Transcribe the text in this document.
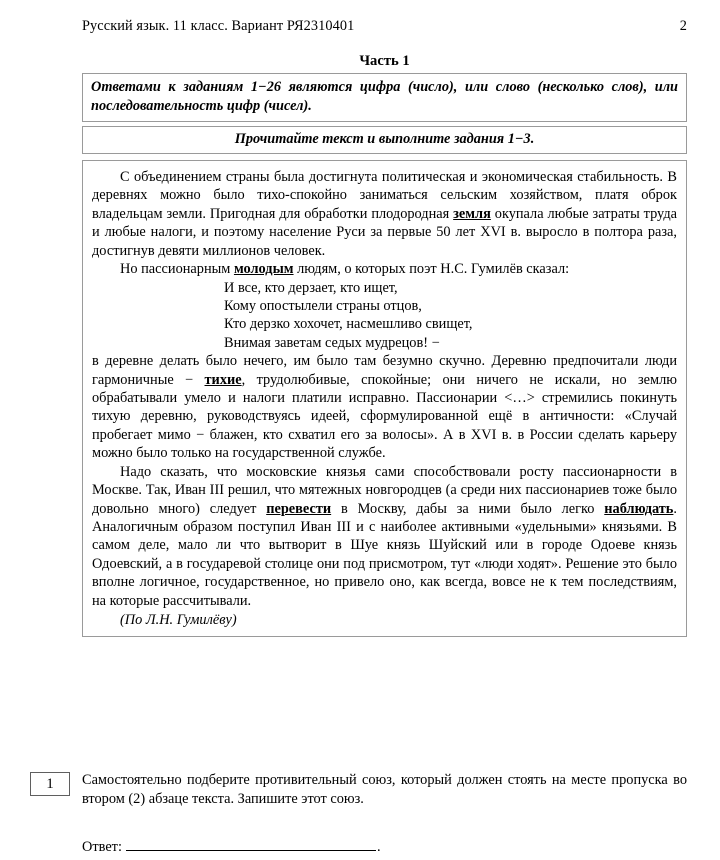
Русский язык. 11 класс. Вариант РЯ2310401	2
Часть 1
Ответами к заданиям 1−26 являются цифра (число), или слово (несколько слов), или последовательность цифр (чисел).
Прочитайте текст и выполните задания 1−3.

С объединением страны была достигнута политическая и экономическая стабильность. В деревнях можно было тихо-спокойно заниматься сельским хозяйством, платя оброк владельцам земли. Пригодная для обработки плодородная земля окупала любые затраты труда и любые налоги, и поэтому население Руси за первые 50 лет XVI в. выросло в полтора раза, достигнув девяти миллионов человек.

Но пассионарным молодым людям, о которых поэт Н.С. Гумилёв сказал:

И все, кто дерзает, кто ищет,
Кому опостылели страны отцов,
Кто дерзко хохочет, насмешливо свищет,
Внимая заветам седых мудрецов! −

в деревне делать было нечего, им было там безумно скучно. Деревню предпочитали люди гармоничные − тихие, трудолюбивые, спокойные; они ничего не искали, но землю обрабатывали умело и налоги платили исправно. Пассионарии <…> стремились покинуть тихую деревню, руководствуясь идеей, сформулированной ещё в античности: «Случай пробегает мимо − блажен, кто схватил его за волосы». А в XVI в. в России сделать карьеру можно было только на государственной службе.

Надо сказать, что московские князья сами способствовали росту пассионарности в Москве. Так, Иван III решил, что мятежных новгородцев (а среди них пассионариев тоже было довольно много) следует перевести в Москву, дабы за ними было легко наблюдать. Аналогичным образом поступил Иван III и с наиболее активными «удельными» князьями. В самом деле, мало ли что вытворит в Шуе князь Шуйский или в городе Одоеве князь Одоевский, а в государевой столице они под присмотром, тут «люди ходят». Решение это было вполне логичное, государственное, но привело оно, как всегда, вовсе не к тем последствиям, на которые рассчитывали.

(По Л.Н. Гумилёву)

1	Самостоятельно подберите противительный союз, который должен стоять на месте пропуска во втором (2) абзаце текста. Запишите этот союз.
Ответ:	.
